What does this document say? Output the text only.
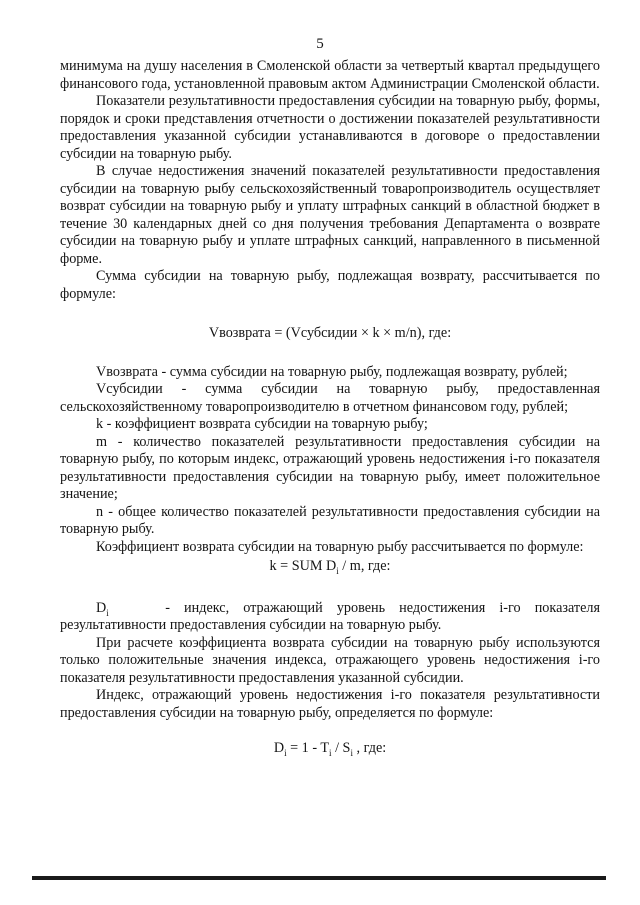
5

минимума на душу населения в Смоленской области за четвертый квартал предыдущего финансового года, установленной правовым актом Администрации Смоленской области.

Показатели результативности предоставления субсидии на товарную рыбу, формы, порядок и сроки представления отчетности о достижении показателей результативности предоставления указанной субсидии устанавливаются в договоре о предоставлении субсидии на товарную рыбу.

В случае недостижения значений показателей результативности предоставления субсидии на товарную рыбу сельскохозяйственный товаропроизводитель осуществляет возврат субсидии на товарную рыбу и уплату штрафных санкций в областной бюджет в течение 30 календарных дней со дня получения требования Департамента о возврате субсидии на товарную рыбу и уплате штрафных санкций, направленного в письменной форме.

Сумма субсидии на товарную рыбу, подлежащая возврату, рассчитывается по формуле:

Vвозврата = (Vсубсидии × k × m/n), где:

Vвозврата - сумма субсидии на товарную рыбу, подлежащая возврату, рублей;

Vсубсидии - сумма субсидии на товарную рыбу, предоставленная сельскохозяйственному товаропроизводителю в отчетном финансовом году, рублей;

k - коэффициент возврата субсидии на товарную рыбу;

m - количество показателей результативности предоставления субсидии на товарную рыбу, по которым индекс, отражающий уровень недостижения i-го показателя результативности предоставления субсидии на товарную рыбу, имеет положительное значение;

n - общее количество показателей результативности предоставления субсидии на товарную рыбу.

Коэффициент возврата субсидии на товарную рыбу рассчитывается по формуле:

k = SUM $D_i$ / m, где:

$D_i$	- индекс, отражающий уровень недостижения i-го показателя результативности предоставления субсидии на товарную рыбу.

При расчете коэффициента возврата субсидии на товарную рыбу используются только положительные значения индекса, отражающего уровень недостижения i-го показателя результативности предоставления указанной субсидии.

Индекс, отражающий уровень недостижения i-го показателя результативности предоставления субсидии на товарную рыбу, определяется по формуле:

$D_i = 1 - T_i / S_i$ , где:
